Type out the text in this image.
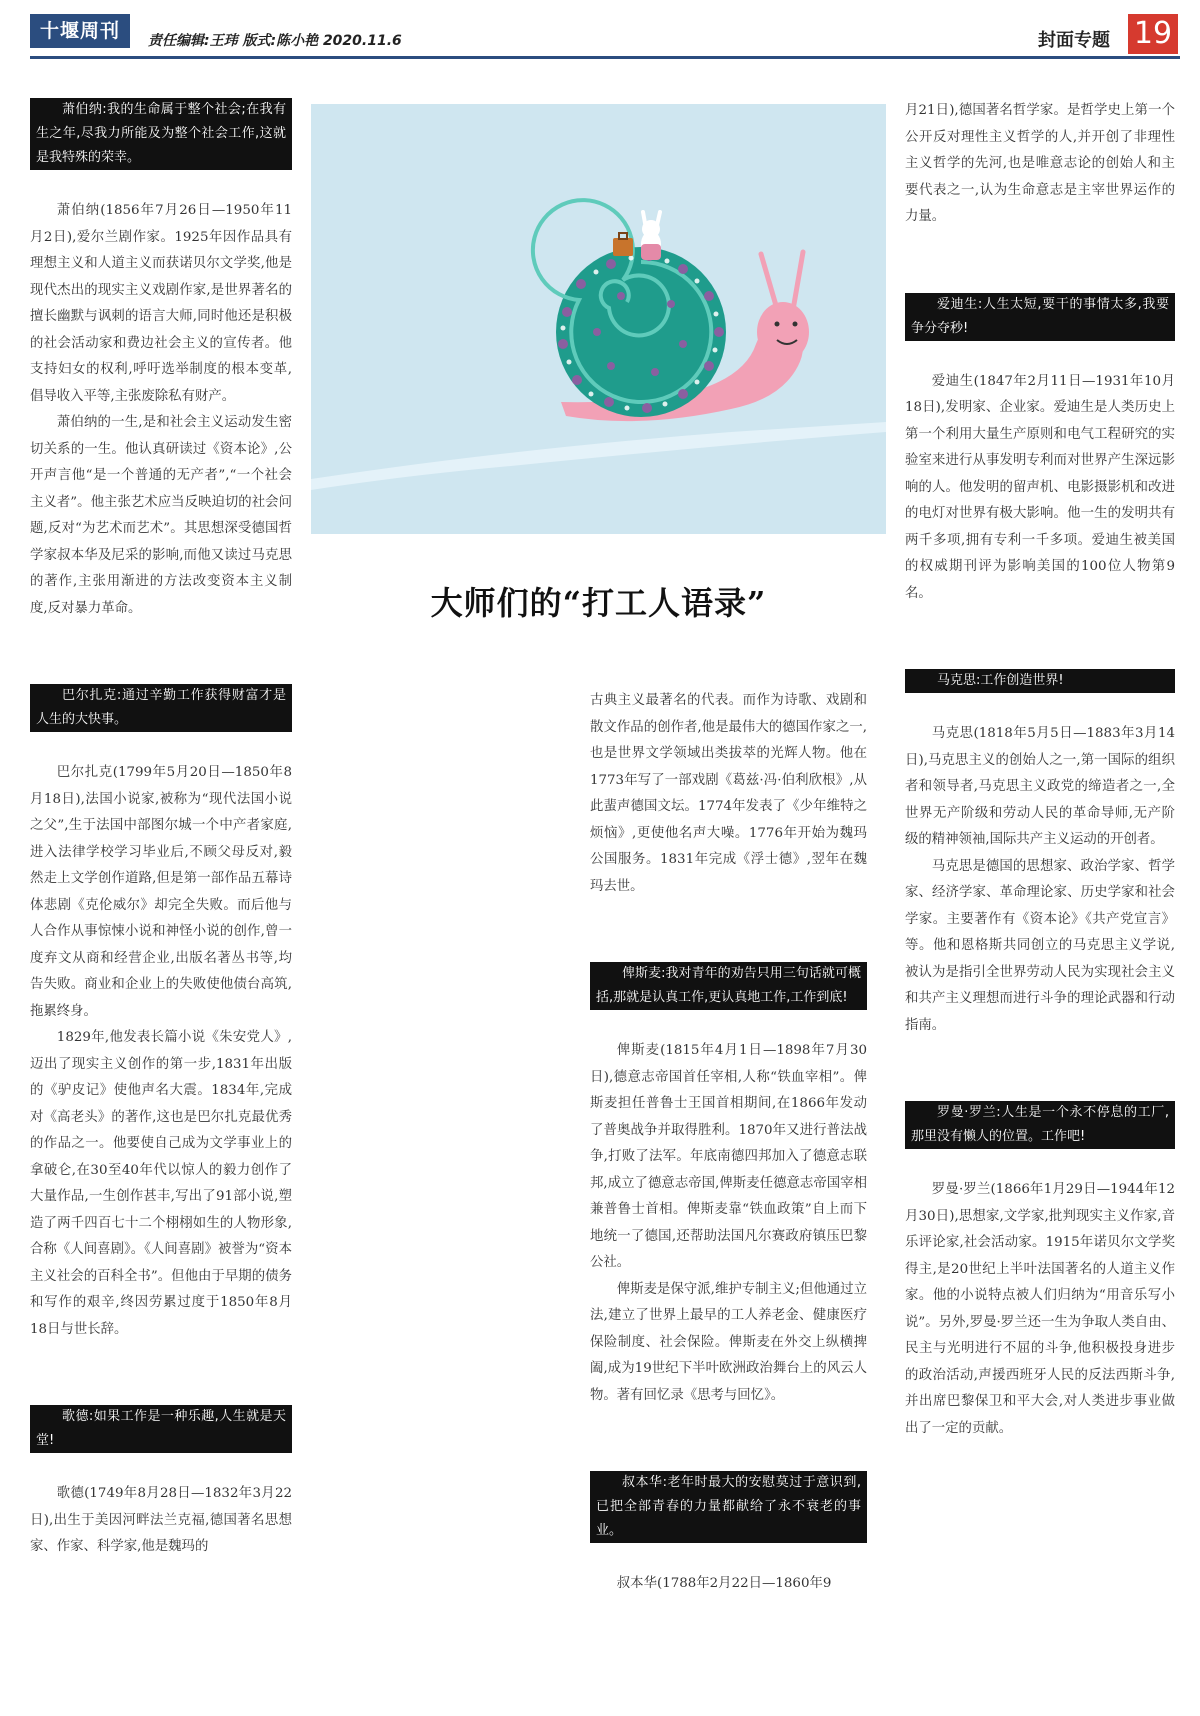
十堰周刊	责任编辑:王玮 版式:陈小艳 2020.11.6	封面专题 19

萧伯纳:我的生命属于整个社会;在我有生之年,尽我力所能及为整个社会工作,这就是我特殊的荣幸。

萧伯纳(1856年7月26日—1950年11月2日),爱尔兰剧作家。1925年因作品具有理想主义和人道主义而获诺贝尔文学奖,他是现代杰出的现实主义戏剧作家,是世界著名的擅长幽默与讽刺的语言大师,同时他还是积极的社会活动家和费边社会主义的宣传者。他支持妇女的权利,呼吁选举制度的根本变革,倡导收入平等,主张废除私有财产。

萧伯纳的一生,是和社会主义运动发生密切关系的一生。他认真研读过《资本论》,公开声言他“是一个普通的无产者”,“一个社会主义者”。他主张艺术应当反映迫切的社会问题,反对“为艺术而艺术”。其思想深受德国哲学家叔本华及尼采的影响,而他又读过马克思的著作,主张用渐进的方法改变资本主义制度,反对暴力革命。

巴尔扎克:通过辛勤工作获得财富才是人生的大快事。

巴尔扎克(1799年5月20日—1850年8月18日),法国小说家,被称为“现代法国小说之父”,生于法国中部图尔城一个中产者家庭,进入法律学校学习毕业后,不顾父母反对,毅然走上文学创作道路,但是第一部作品五幕诗体悲剧《克伦威尔》却完全失败。而后他与人合作从事惊悚小说和神怪小说的创作,曾一度弃文从商和经营企业,出版名著丛书等,均告失败。商业和企业上的失败使他债台高筑,拖累终身。

1829年,他发表长篇小说《朱安党人》,迈出了现实主义创作的第一步,1831年出版的《驴皮记》使他声名大震。1834年,完成对《高老头》的著作,这也是巴尔扎克最优秀的作品之一。他要使自己成为文学事业上的拿破仑,在30至40年代以惊人的毅力创作了大量作品,一生创作甚丰,写出了91部小说,塑造了两千四百七十二个栩栩如生的人物形象,合称《人间喜剧》。《人间喜剧》被誉为“资本主义社会的百科全书”。但他由于早期的债务和写作的艰辛,终因劳累过度于1850年8月18日与世长辞。

歌德:如果工作是一种乐趣,人生就是天堂!

歌德(1749年8月28日—1832年3月22日),出生于美因河畔法兰克福,德国著名思想家、作家、科学家,他是魏玛的

大师们的“打工人语录”

古典主义最著名的代表。而作为诗歌、戏剧和散文作品的创作者,他是最伟大的德国作家之一,也是世界文学领域出类拔萃的光辉人物。他在1773年写了一部戏剧《葛兹·冯·伯利欣根》,从此蜚声德国文坛。1774年发表了《少年维特之烦恼》,更使他名声大噪。1776年开始为魏玛公国服务。1831年完成《浮士德》,翌年在魏玛去世。

俾斯麦:我对青年的劝告只用三句话就可概括,那就是认真工作,更认真地工作,工作到底!

俾斯麦(1815年4月1日—1898年7月30日),德意志帝国首任宰相,人称“铁血宰相”。俾斯麦担任普鲁士王国首相期间,在1866年发动了普奥战争并取得胜利。1870年又进行普法战争,打败了法军。年底南德四邦加入了德意志联邦,成立了德意志帝国,俾斯麦任德意志帝国宰相兼普鲁士首相。俾斯麦靠“铁血政策”自上而下地统一了德国,还帮助法国凡尔赛政府镇压巴黎公社。

俾斯麦是保守派,维护专制主义;但他通过立法,建立了世界上最早的工人养老金、健康医疗保险制度、社会保险。俾斯麦在外交上纵横捭阖,成为19世纪下半叶欧洲政治舞台上的风云人物。著有回忆录《思考与回忆》。

叔本华:老年时最大的安慰莫过于意识到,已把全部青春的力量都献给了永不衰老的事业。

叔本华(1788年2月22日—1860年9

月21日),德国著名哲学家。是哲学史上第一个公开反对理性主义哲学的人,并开创了非理性主义哲学的先河,也是唯意志论的创始人和主要代表之一,认为生命意志是主宰世界运作的力量。

爱迪生:人生太短,要干的事情太多,我要争分夺秒!

爱迪生(1847年2月11日—1931年10月18日),发明家、企业家。爱迪生是人类历史上第一个利用大量生产原则和电气工程研究的实验室来进行从事发明专利而对世界产生深远影响的人。他发明的留声机、电影摄影机和改进的电灯对世界有极大影响。他一生的发明共有两千多项,拥有专利一千多项。爱迪生被美国的权威期刊评为影响美国的100位人物第9名。

马克思:工作创造世界!

马克思(1818年5月5日—1883年3月14日),马克思主义的创始人之一,第一国际的组织者和领导者,马克思主义政党的缔造者之一,全世界无产阶级和劳动人民的革命导师,无产阶级的精神领袖,国际共产主义运动的开创者。

马克思是德国的思想家、政治学家、哲学家、经济学家、革命理论家、历史学家和社会学家。主要著作有《资本论》《共产党宣言》等。他和恩格斯共同创立的马克思主义学说,被认为是指引全世界劳动人民为实现社会主义和共产主义理想而进行斗争的理论武器和行动指南。

罗曼·罗兰:人生是一个永不停息的工厂,那里没有懒人的位置。工作吧!

罗曼·罗兰(1866年1月29日—1944年12月30日),思想家,文学家,批判现实主义作家,音乐评论家,社会活动家。1915年诺贝尔文学奖得主,是20世纪上半叶法国著名的人道主义作家。他的小说特点被人们归纳为“用音乐写小说”。另外,罗曼·罗兰还一生为争取人类自由、民主与光明进行不屈的斗争,他积极投身进步的政治活动,声援西班牙人民的反法西斯斗争,并出席巴黎保卫和平大会,对人类进步事业做出了一定的贡献。
